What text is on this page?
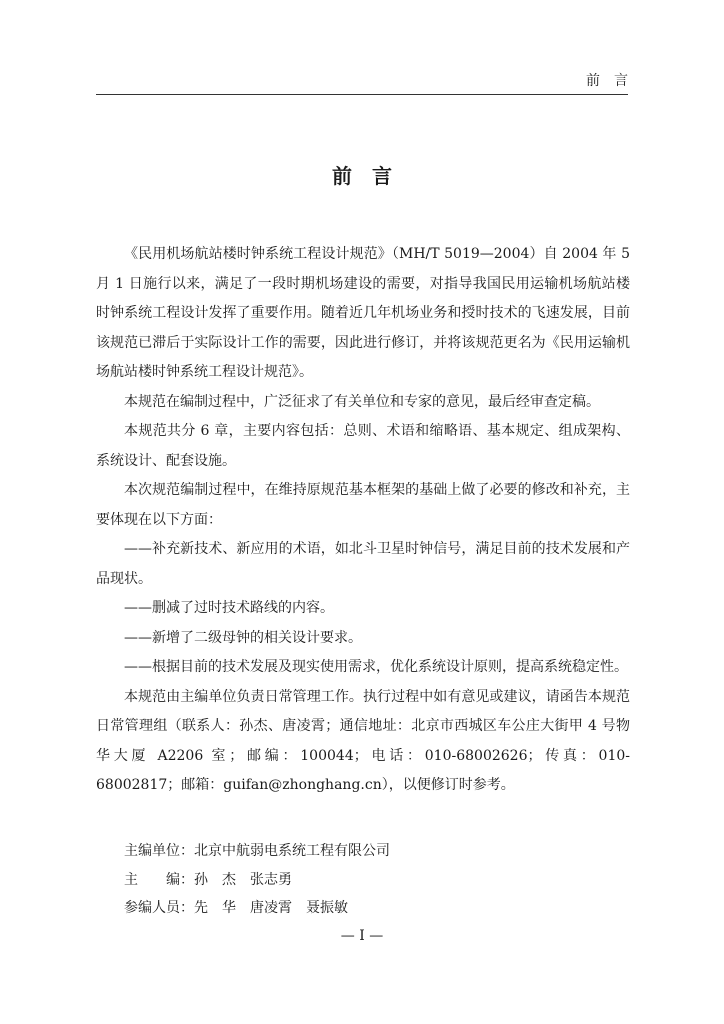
前　言
前　言

《民用机场航站楼时钟系统工程设计规范》（MH/T 5019—2004）自 2004 年 5 月 1 日施行以来，满足了一段时期机场建设的需要，对指导我国民用运输机场航站楼时钟系统工程设计发挥了重要作用。随着近几年机场业务和授时技术的飞速发展，目前该规范已滞后于实际设计工作的需要，因此进行修订，并将该规范更名为《民用运输机场航站楼时钟系统工程设计规范》。

本规范在编制过程中，广泛征求了有关单位和专家的意见，最后经审查定稿。

本规范共分 6 章，主要内容包括：总则、术语和缩略语、基本规定、组成架构、系统设计、配套设施。

本次规范编制过程中，在维持原规范基本框架的基础上做了必要的修改和补充，主要体现在以下方面：

——补充新技术、新应用的术语，如北斗卫星时钟信号，满足目前的技术发展和产品现状。

——删减了过时技术路线的内容。

——新增了二级母钟的相关设计要求。

——根据目前的技术发展及现实使用需求，优化系统设计原则，提高系统稳定性。

本规范由主编单位负责日常管理工作。执行过程中如有意见或建议，请函告本规范日常管理组（联系人：孙杰、唐凌霄；通信地址：北京市西城区车公庄大街甲 4 号物华大厦 A2206 室；邮编：100044；电话：010-68002626；传真：010-68002817；邮箱：guifan@zhonghang.cn），以便修订时参考。

主编单位：北京中航弱电系统工程有限公司
主　　编：孙　杰　张志勇
参编人员：先　华　唐凌霄　聂振敏
— Ⅰ —
